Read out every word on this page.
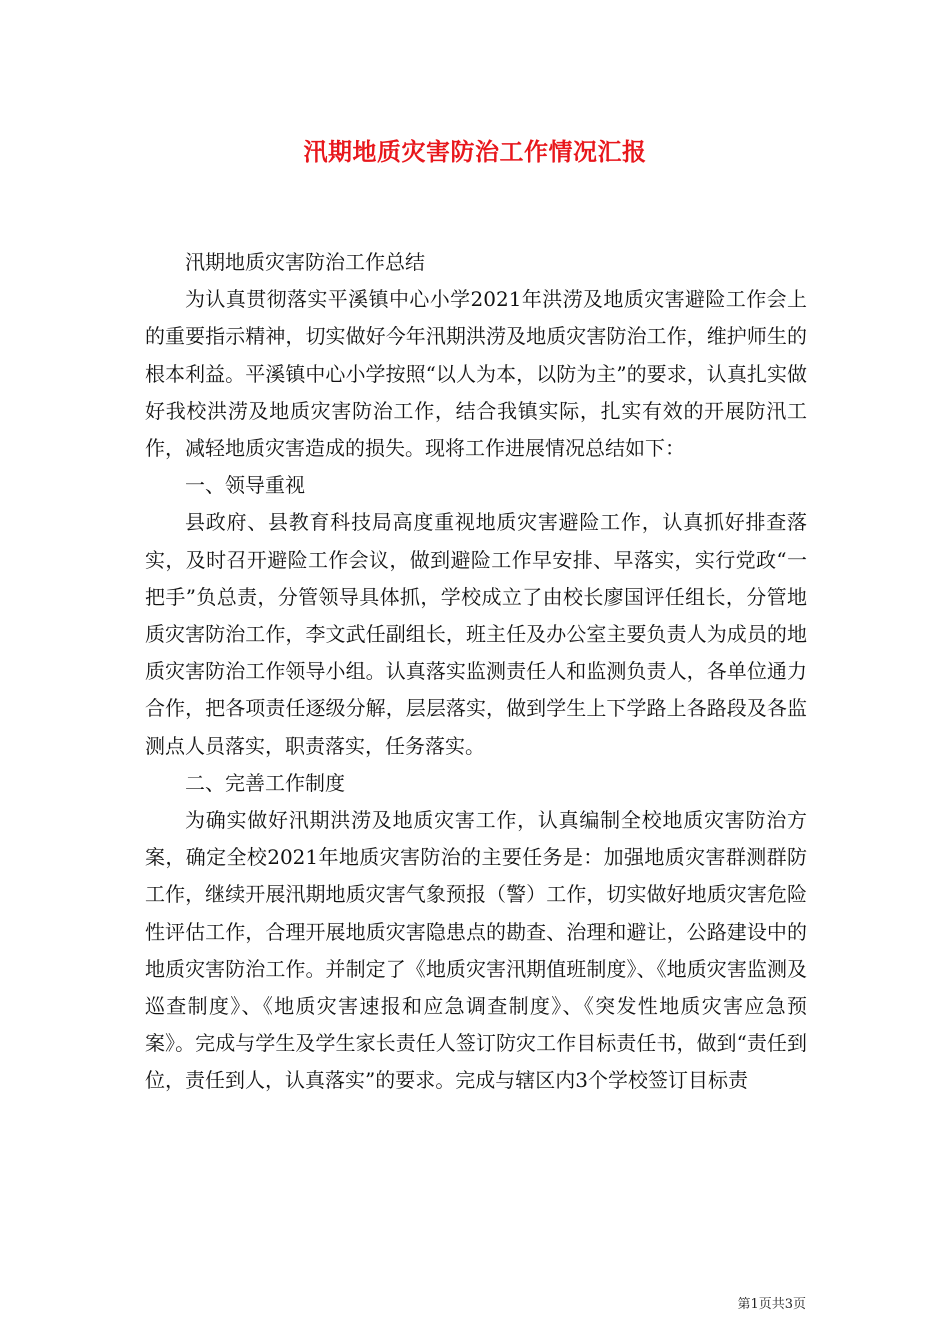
汛期地质灾害防治工作情况汇报

汛期地质灾害防治工作总结

为认真贯彻落实平溪镇中心小学2021年洪涝及地质灾害避险工作会上的重要指示精神，切实做好今年汛期洪涝及地质灾害防治工作，维护师生的根本利益。平溪镇中心小学按照“以人为本，以防为主”的要求，认真扎实做好我校洪涝及地质灾害防治工作，结合我镇实际，扎实有效的开展防汛工作，减轻地质灾害造成的损失。现将工作进展情况总结如下：

一、领导重视

县政府、县教育科技局高度重视地质灾害避险工作，认真抓好排查落实，及时召开避险工作会议，做到避险工作早安排、早落实，实行党政“一把手”负总责，分管领导具体抓，学校成立了由校长廖国评任组长，分管地质灾害防治工作，李文武任副组长，班主任及办公室主要负责人为成员的地质灾害防治工作领导小组。认真落实监测责任人和监测负责人，各单位通力合作，把各项责任逐级分解，层层落实，做到学生上下学路上各路段及各监测点人员落实，职责落实，任务落实。

二、完善工作制度

为确实做好汛期洪涝及地质灾害工作，认真编制全校地质灾害防治方案，确定全校2021年地质灾害防治的主要任务是：加强地质灾害群测群防工作，继续开展汛期地质灾害气象预报（警）工作，切实做好地质灾害危险性评估工作，合理开展地质灾害隐患点的勘查、治理和避让，公路建设中的地质灾害防治工作。并制定了《地质灾害汛期值班制度》、《地质灾害监测及巡查制度》、《地质灾害速报和应急调查制度》、《突发性地质灾害应急预案》。完成与学生及学生家长责任人签订防灾工作目标责任书，做到“责任到位，责任到人，认真落实”的要求。完成与辖区内3个学校签订目标责

第1页共3页
